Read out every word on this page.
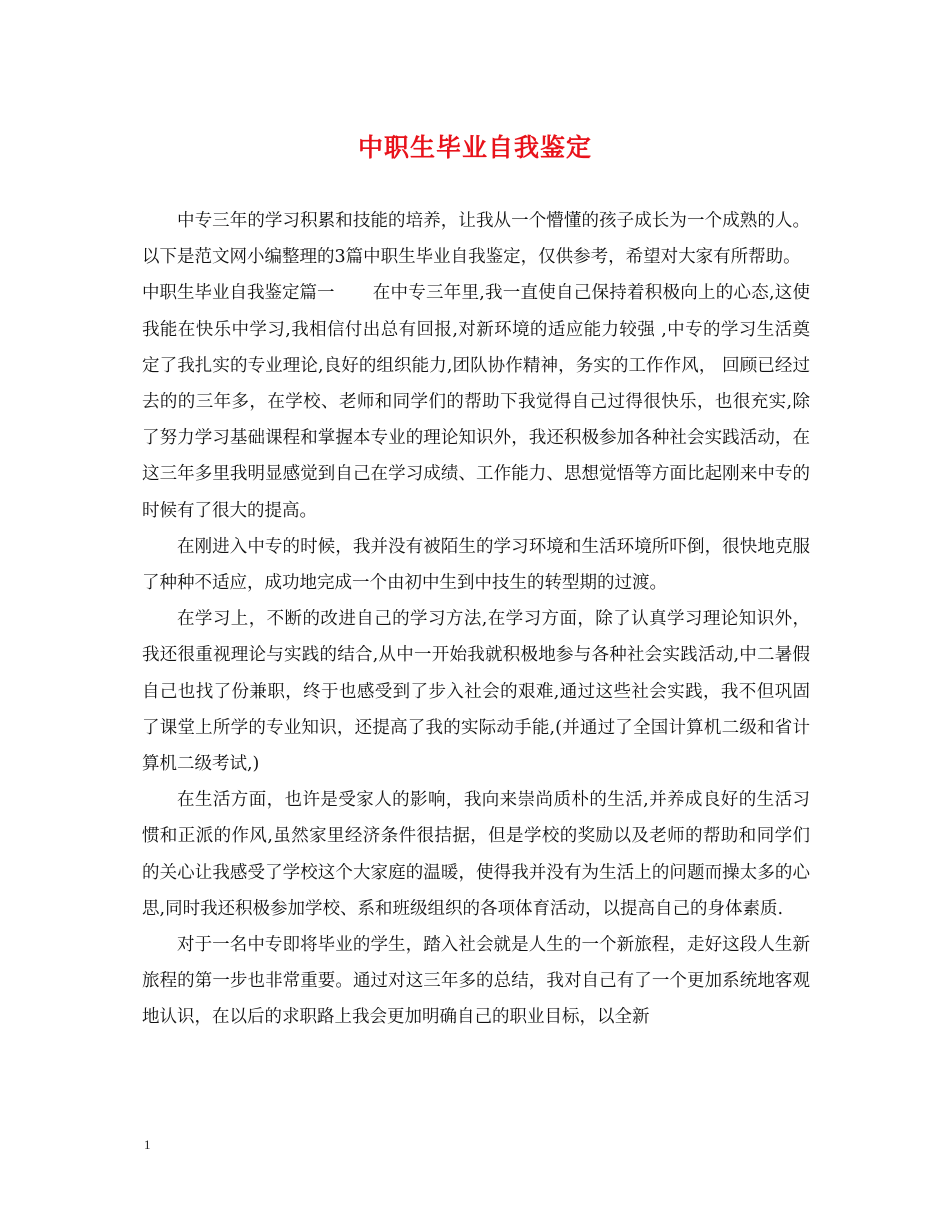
中职生毕业自我鉴定

中专三年的学习积累和技能的培养，让我从一个懵懂的孩子成长为一个成熟的人。以下是范文网小编整理的3篇中职生毕业自我鉴定，仅供参考，希望对大家有所帮助。

中职生毕业自我鉴定篇一 在中专三年里,我一直使自己保持着积极向上的心态,这使我能在快乐中学习,我相信付出总有回报,对新环境的适应能力较强 ,中专的学习生活奠定了我扎实的专业理论,良好的组织能力,团队协作精神，务实的工作作风， 回顾已经过去的的三年多，在学校、老师和同学们的帮助下我觉得自己过得很快乐，也很充实,除了努力学习基础课程和掌握本专业的理论知识外，我还积极参加各种社会实践活动，在这三年多里我明显感觉到自己在学习成绩、工作能力、思想觉悟等方面比起刚来中专的时候有了很大的提高。

在刚进入中专的时候，我并没有被陌生的学习环境和生活环境所吓倒，很快地克服了种种不适应，成功地完成一个由初中生到中技生的转型期的过渡。

在学习上，不断的改进自己的学习方法,在学习方面，除了认真学习理论知识外，我还很重视理论与实践的结合,从中一开始我就积极地参与各种社会实践活动,中二暑假自己也找了份兼职，终于也感受到了步入社会的艰难,通过这些社会实践，我不但巩固了课堂上所学的专业知识，还提高了我的实际动手能,(并通过了全国计算机二级和省计算机二级考试,)

在生活方面，也许是受家人的影响，我向来崇尚质朴的生活,并养成良好的生活习惯和正派的作风,虽然家里经济条件很拮据，但是学校的奖励以及老师的帮助和同学们的关心让我感受了学校这个大家庭的温暖，使得我并没有为生活上的问题而操太多的心思,同时我还积极参加学校、系和班级组织的各项体育活动，以提高自己的身体素质.

对于一名中专即将毕业的学生，踏入社会就是人生的一个新旅程，走好这段人生新旅程的第一步也非常重要。通过对这三年多的总结，我对自己有了一个更加系统地客观地认识，在以后的求职路上我会更加明确自己的职业目标，以全新

1
